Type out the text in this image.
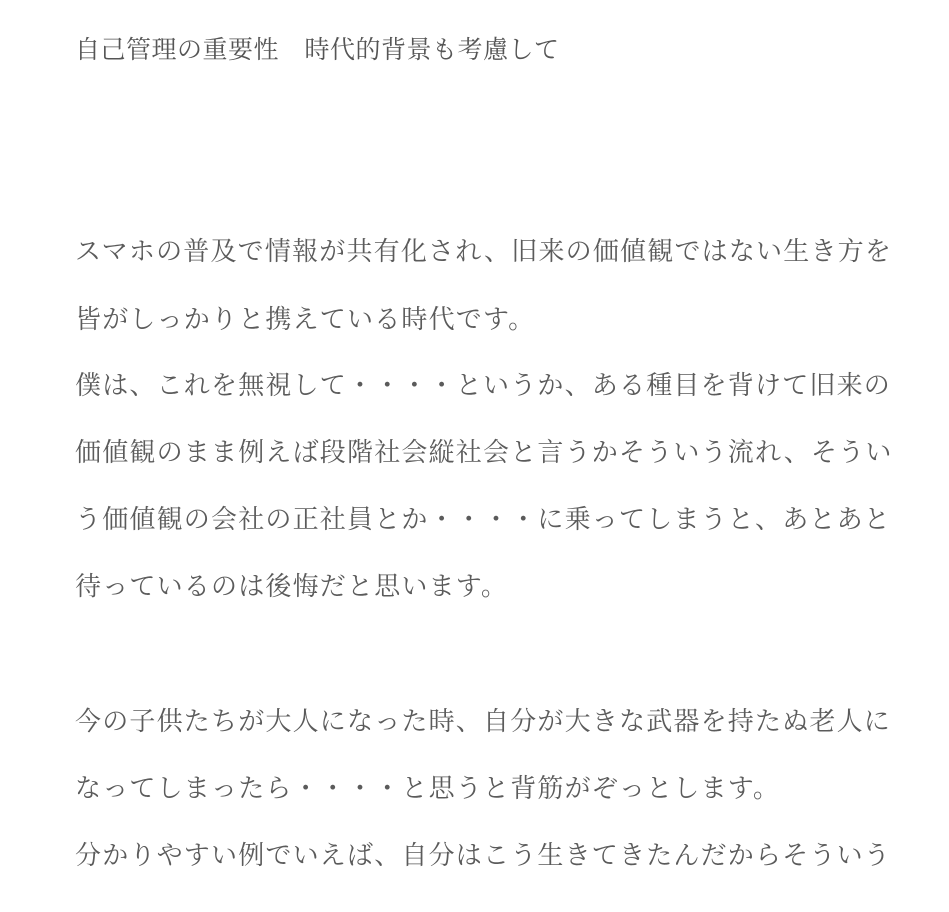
自己管理の重要性　時代的背景も考慮して
スマホの普及で情報が共有化され、旧来の価値観ではない生き方を
皆がしっかりと携えている時代です。
僕は、これを無視して・・・・というか、ある種目を背けて旧来の
価値観のまま例えば段階社会縦社会と言うかそういう流れ、そうい
う価値観の会社の正社員とか・・・・に乗ってしまうと、あとあと
待っているのは後悔だと思います。
今の子供たちが大人になった時、自分が大きな武器を持たぬ老人に
なってしまったら・・・・と思うと背筋がぞっとします。
分かりやすい例でいえば、自分はこう生きてきたんだからそういう
